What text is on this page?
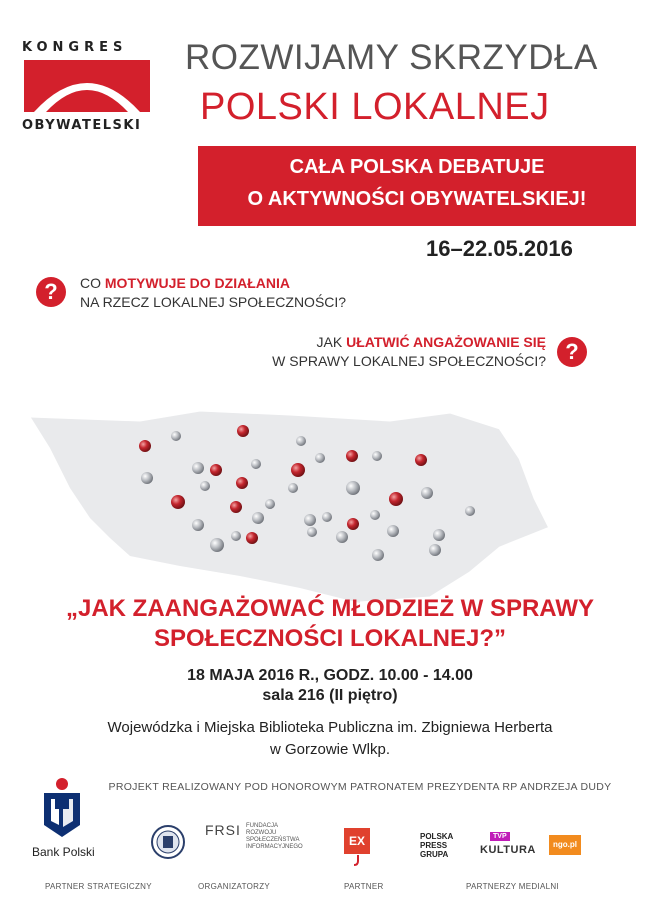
KONGRES
OBYWATELSKI
ROZWIJAMY SKRZYDŁA
POLSKI LOKALNEJ
CAŁA POLSKA DEBATUJE
O AKTYWNOŚCI OBYWATELSKIEJ!
16–22.05.2016
?	CO MOTYWUJE DO DZIAŁANIA
NA RZECZ LOKALNEJ SPOŁECZNOŚCI?
JAK UŁATWIĆ ANGAŻOWANIE SIĘ
W SPRAWY LOKALNEJ SPOŁECZNOŚCI? ?
„JAK ZAANGAŻOWAĆ MŁODZIEŻ W SPRAWY
SPOŁECZNOŚCI LOKALNEJ?”
18 MAJA 2016 R., GODZ. 10.00 - 14.00
sala 216 (II piętro)
Wojewódzka i Miejska Biblioteka Publiczna im. Zbigniewa Herberta
w Gorzowie Wlkp.
PROJEKT REALIZOWANY POD HONOROWYM PATRONATEM PREZYDENTA RP ANDRZEJA DUDY
Bank Polski
FRSI FUNDACJA
ROZWOJU
SPOŁECZEŃSTWA
INFORMACYJNEGO	EX	POLSKA
PRESS
GRUPA
TVP
KULTURA	ngo.pl
PARTNER STRATEGICZNY	ORGANIZATORZY	PARTNER	PARTNERZY MEDIALNI
